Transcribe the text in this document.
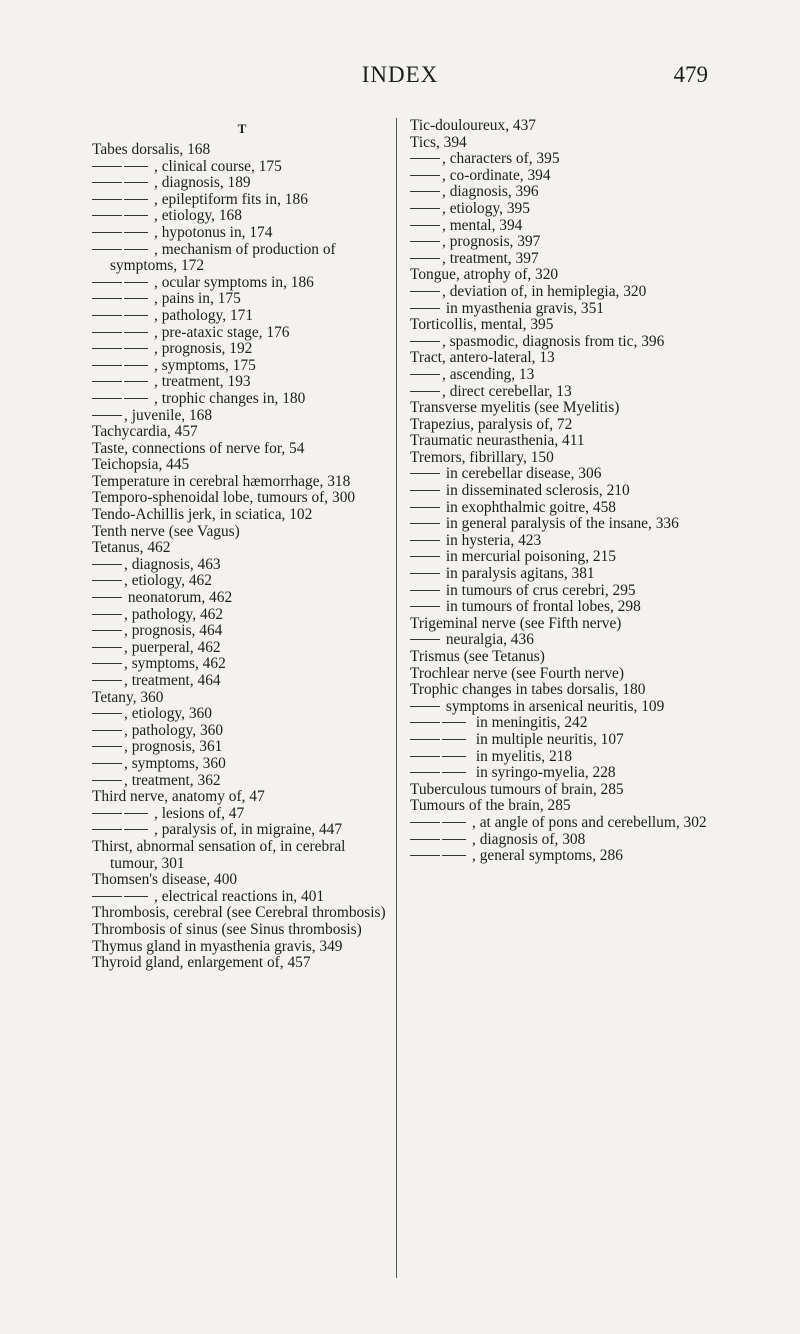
INDEX	479
T

Tabes dorsalis, 168

, clinical course, 175

, diagnosis, 189

, epileptiform fits in, 186

, etiology, 168

, hypotonus in, 174

, mechanism of production of symptoms, 172

, ocular symptoms in, 186

, pains in, 175

, pathology, 171

, pre-ataxic stage, 176

, prognosis, 192

, symptoms, 175

, treatment, 193

, trophic changes in, 180

, juvenile, 168

Tachycardia, 457

Taste, connections of nerve for, 54

Teichopsia, 445

Temperature in cerebral hæmorrhage, 318

Temporo-sphenoidal lobe, tumours of, 300

Tendo-Achillis jerk, in sciatica, 102

Tenth nerve (see Vagus)

Tetanus, 462

, diagnosis, 463

, etiology, 462

neonatorum, 462

, pathology, 462

, prognosis, 464

, puerperal, 462

, symptoms, 462

, treatment, 464

Tetany, 360

, etiology, 360

, pathology, 360

, prognosis, 361

, symptoms, 360

, treatment, 362

Third nerve, anatomy of, 47

, lesions of, 47

, paralysis of, in migraine, 447

Thirst, abnormal sensation of, in cerebral tumour, 301

Thomsen's disease, 400

, electrical reactions in, 401

Thrombosis, cerebral (see Cerebral thrombosis)

Thrombosis of sinus (see Sinus thrombosis)

Thymus gland in myasthenia gravis, 349

Thyroid gland, enlargement of, 457

Tic-douloureux, 437

Tics, 394

, characters of, 395

, co-ordinate, 394

, diagnosis, 396

, etiology, 395

, mental, 394

, prognosis, 397

, treatment, 397

Tongue, atrophy of, 320

, deviation of, in hemiplegia, 320

in myasthenia gravis, 351

Torticollis, mental, 395

, spasmodic, diagnosis from tic, 396

Tract, antero-lateral, 13

, ascending, 13

, direct cerebellar, 13

Transverse myelitis (see Myelitis)

Trapezius, paralysis of, 72

Traumatic neurasthenia, 411

Tremors, fibrillary, 150

in cerebellar disease, 306

in disseminated sclerosis, 210

in exophthalmic goitre, 458

in general paralysis of the insane, 336

in hysteria, 423

in mercurial poisoning, 215

in paralysis agitans, 381

in tumours of crus cerebri, 295

in tumours of frontal lobes, 298

Trigeminal nerve (see Fifth nerve)

neuralgia, 436

Trismus (see Tetanus)

Trochlear nerve (see Fourth nerve)

Trophic changes in tabes dorsalis, 180

symptoms in arsenical neuritis, 109

in meningitis, 242

in multiple neuritis, 107

in myelitis, 218

in syringo-myelia, 228

Tuberculous tumours of brain, 285

Tumours of the brain, 285

, at angle of pons and cerebellum, 302

, diagnosis of, 308

, general symptoms, 286
